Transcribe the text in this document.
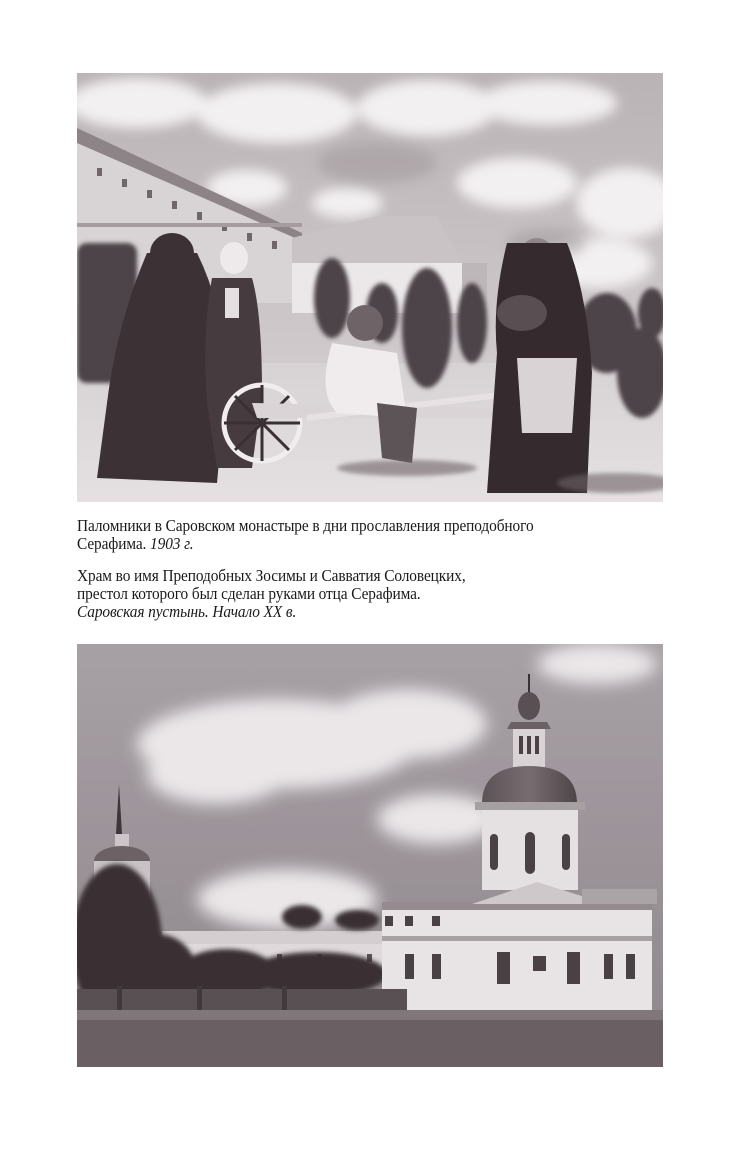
Паломники в Саровском монастыре в дни прославления преподобного

Серафима. 1903 г.

Храм во имя Преподобных Зосимы и Савватия Соловецких,

престол которого был сделан руками отца Серафима.

Саровская пустынь. Начало XX в.
